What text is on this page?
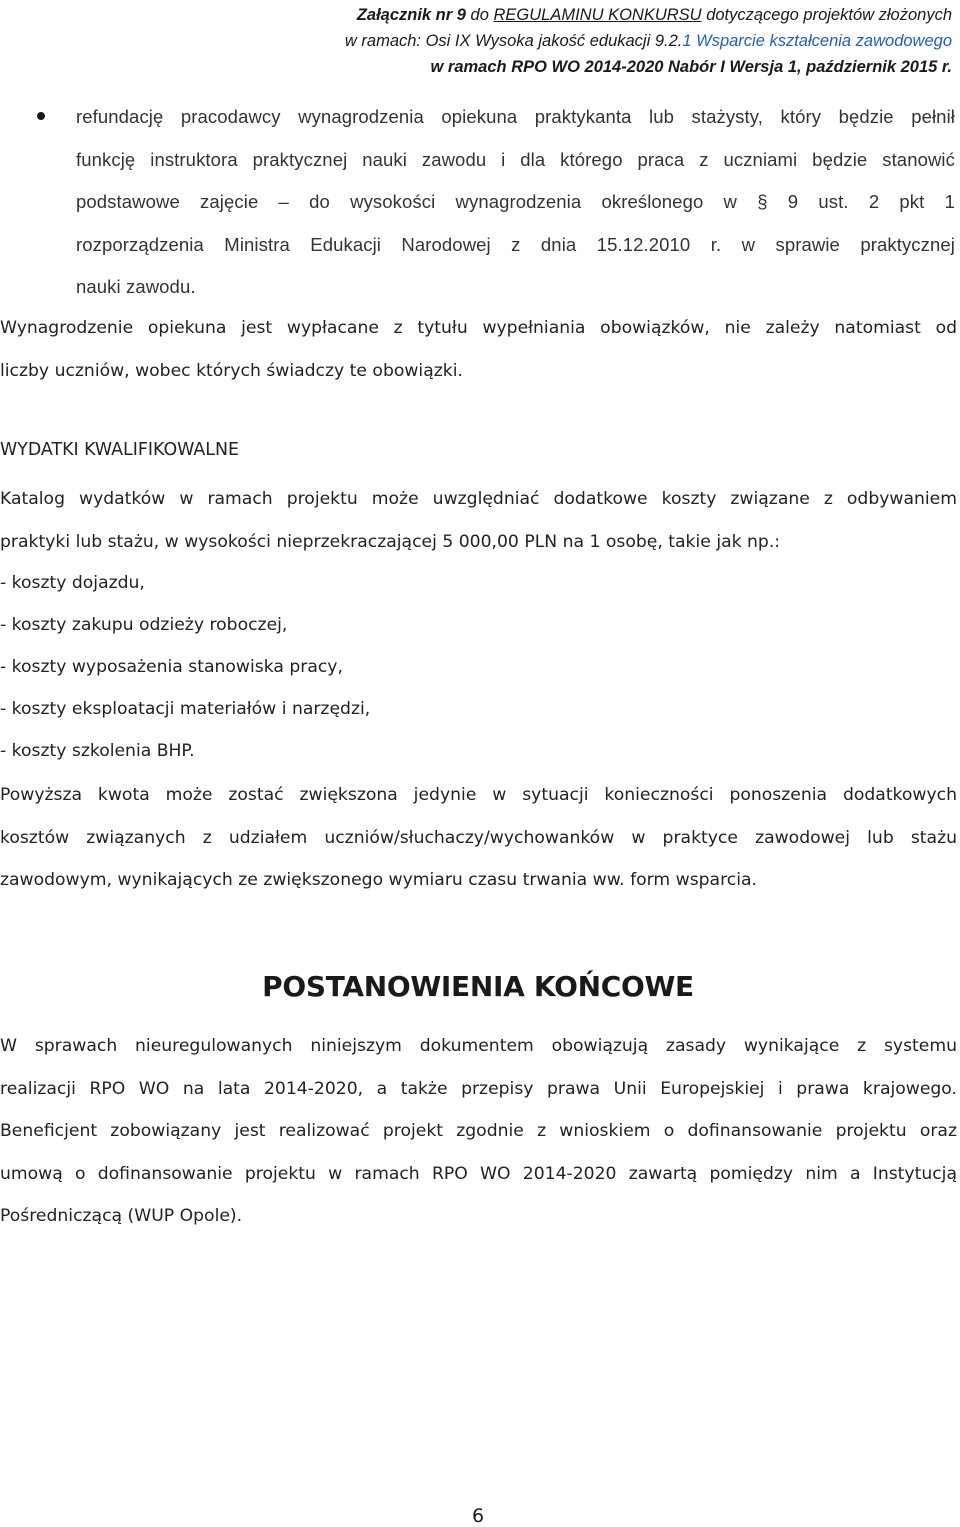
Załącznik nr 9 do REGULAMINU KONKURSU dotyczącego projektów złożonych
w ramach: Osi IX Wysoka jakość edukacji 9.2.1 Wsparcie kształcenia zawodowego
w ramach RPO WO 2014-2020 Nabór I Wersja 1, październik 2015 r.
refundację pracodawcy wynagrodzenia opiekuna praktykanta lub stażysty, który będzie pełnił
funkcję instruktora praktycznej nauki zawodu i dla którego praca z uczniami będzie stanowić
podstawowe zajęcie – do wysokości wynagrodzenia określonego w § 9 ust. 2 pkt 1
rozporządzenia Ministra Edukacji Narodowej z dnia 15.12.2010 r. w sprawie praktycznej
nauki zawodu.
Wynagrodzenie opiekuna jest wypłacane z tytułu wypełniania obowiązków, nie zależy natomiast od
liczby uczniów, wobec których świadczy te obowiązki.
WYDATKI KWALIFIKOWALNE
Katalog wydatków w ramach projektu może uwzględniać dodatkowe koszty związane z odbywaniem
praktyki lub stażu, w wysokości nieprzekraczającej 5 000,00 PLN na 1 osobę, takie jak np.:
- koszty dojazdu,
- koszty zakupu odzieży roboczej,
- koszty wyposażenia stanowiska pracy,
- koszty eksploatacji materiałów i narzędzi,
- koszty szkolenia BHP.
Powyższa kwota może zostać zwiększona jedynie w sytuacji konieczności ponoszenia dodatkowych
kosztów związanych z udziałem uczniów/słuchaczy/wychowanków w praktyce zawodowej lub stażu
zawodowym, wynikających ze zwiększonego wymiaru czasu trwania ww. form wsparcia.
POSTANOWIENIA KOŃCOWE
W sprawach nieuregulowanych niniejszym dokumentem obowiązują zasady wynikające z systemu
realizacji RPO WO na lata 2014-2020, a także przepisy prawa Unii Europejskiej i prawa krajowego.
Beneficjent zobowiązany jest realizować projekt zgodnie z wnioskiem o dofinansowanie projektu oraz
umową o dofinansowanie projektu w ramach RPO WO 2014-2020 zawartą pomiędzy nim a Instytucją
Pośredniczącą (WUP Opole).
6
